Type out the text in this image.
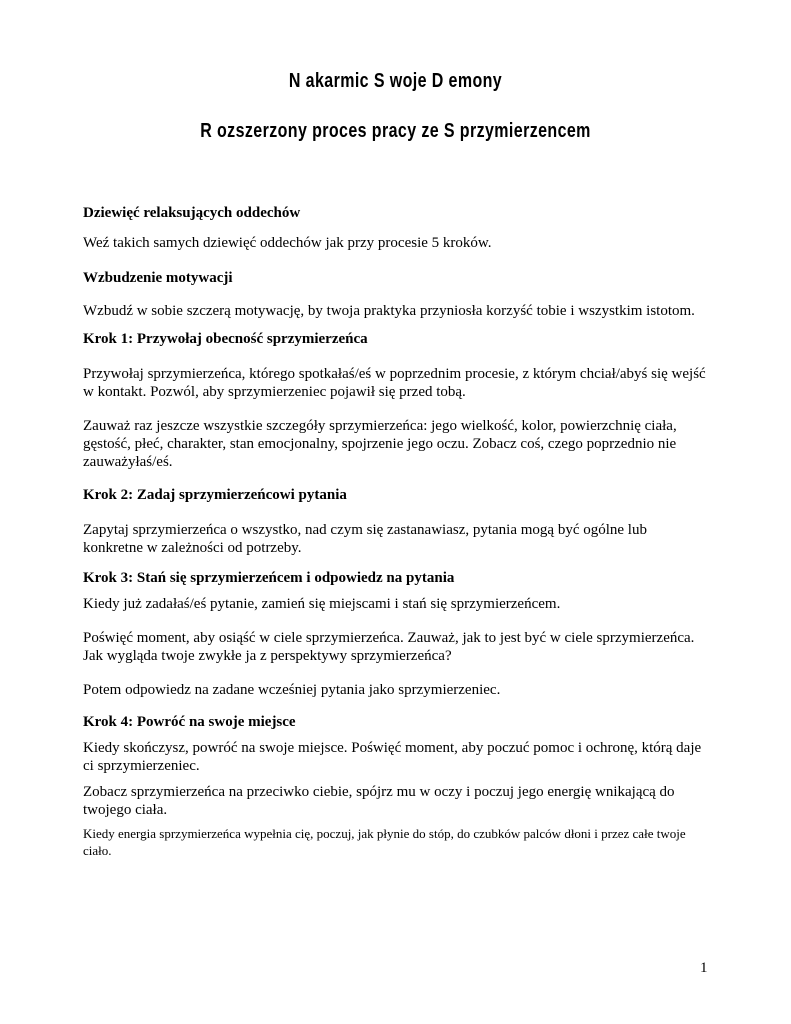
N akarmic S woje D emony
R ozszerzony proces pracy ze S przymierzencem
Dziewięć relaksujących oddechów

Weź takich samych dziewięć oddechów jak przy procesie 5 kroków.

Wzbudzenie motywacji

Wzbudź w sobie szczerą motywację, by twoja praktyka przyniosła korzyść tobie i wszystkim istotom.

Krok 1: Przywołaj obecność sprzymierzeńca

Przywołaj sprzymierzeńca, którego spotkałaś/eś w poprzednim procesie, z którym chciał/abyś się wejść w kontakt. Pozwól, aby sprzymierzeniec pojawił się przed tobą.

Zauważ raz jeszcze wszystkie szczegóły sprzymierzeńca: jego wielkość, kolor, powierzchnię ciała, gęstość, płeć, charakter, stan emocjonalny, spojrzenie jego oczu. Zobacz coś, czego poprzednio nie zauważyłaś/eś.

Krok 2: Zadaj sprzymierzeńcowi pytania

Zapytaj sprzymierzeńca o wszystko, nad czym się zastanawiasz, pytania mogą być ogólne lub konkretne w zależności od potrzeby.

Krok 3: Stań się sprzymierzeńcem i odpowiedz na pytania

Kiedy już zadałaś/eś pytanie, zamień się miejscami i stań się sprzymierzeńcem.

Poświęć moment, aby osiąść w ciele sprzymierzeńca. Zauważ, jak to jest być w ciele sprzymierzeńca. Jak wygląda twoje zwykłe ja z perspektywy sprzymierzeńca?

Potem odpowiedz na zadane wcześniej pytania jako sprzymierzeniec.

Krok 4: Powróć na swoje miejsce

Kiedy skończysz, powróć na swoje miejsce. Poświęć moment, aby poczuć pomoc i ochronę, którą daje ci sprzymierzeniec.

Zobacz sprzymierzeńca na przeciwko ciebie, spójrz mu w oczy i poczuj jego energię wnikającą do twojego ciała.

Kiedy energia sprzymierzeńca wypełnia cię, poczuj, jak płynie do stóp, do czubków palców dłoni i przez całe twoje ciało.

1
